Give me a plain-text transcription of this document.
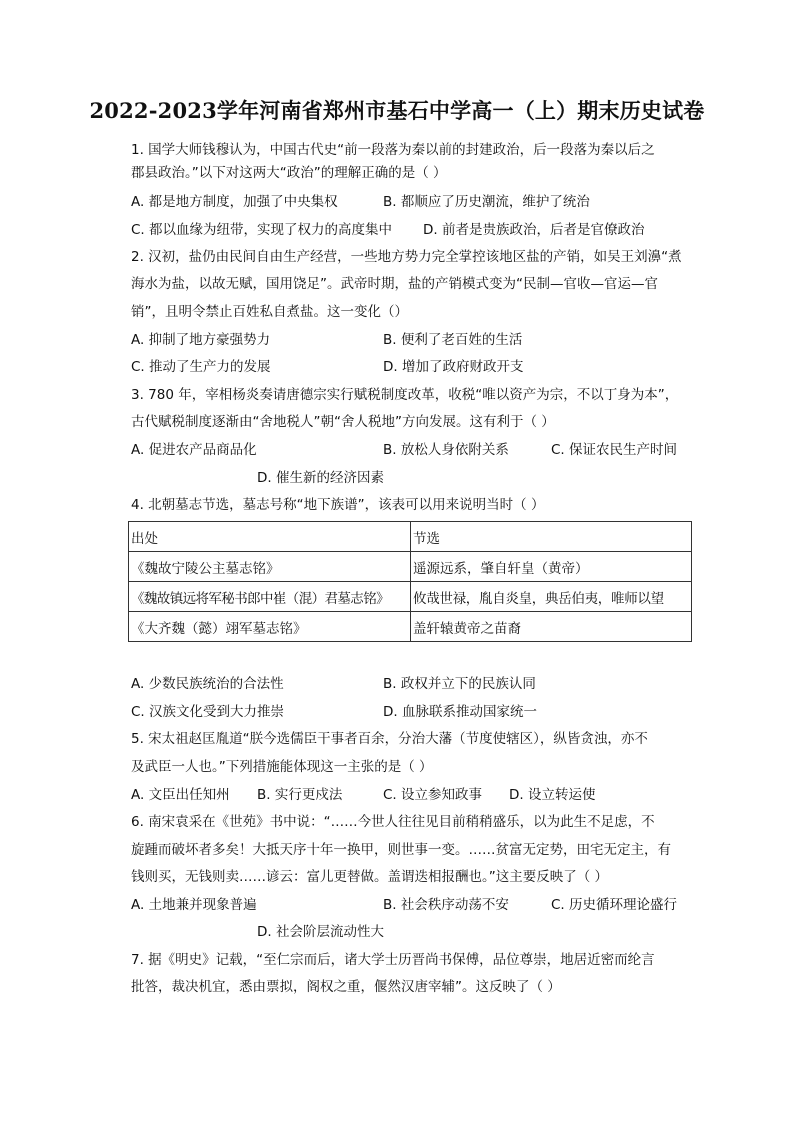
2022-2023学年河南省郑州市基石中学高一（上）期末历史试卷
1. 国学大师钱穆认为，中国古代史“前一段落为秦以前的封建政治，后一段落为秦以后之
郡县政治。”以下对这两大“政治”的理解正确的是（ ）
A. 都是地方制度，加强了中央集权	B. 都顺应了历史潮流，维护了统治
C. 都以血缘为纽带，实现了权力的高度集中 D. 前者是贵族政治，后者是官僚政治
2. 汉初，盐仍由民间自由生产经营，一些地方势力完全掌控该地区盐的产销，如吴王刘濞“煮
海水为盐，以故无赋，国用饶足”。武帝时期，盐的产销模式变为“民制—官收—官运—官
销”，且明令禁止百姓私自煮盐。这一变化（）
A. 抑制了地方豪强势力	B. 便利了老百姓的生活
C. 推动了生产力的发展	D. 增加了政府财政开支
3. 780 年，宰相杨炎奏请唐德宗实行赋税制度改革，收税“唯以资产为宗，不以丁身为本”，
古代赋税制度逐渐由“舍地税人”朝“舍人税地”方向发展。这有利于（ ）
A. 促进农产品商品化	B. 放松人身依附关系	C. 保证农民生产时间
D. 催生新的经济因素
4. 北朝墓志节选，墓志号称“地下族谱”，该表可以用来说明当时（ ）
出处	节选
《魏故宁陵公主墓志铭》	遥源远系，肇自轩皇（黄帝）
《魏故镇远将军秘书郎中崔（混）君墓志铭》	攸哉世禄，胤自炎皇，典岳伯夷，唯师以望
《大齐魏（懿）翊军墓志铭》	盖轩辕黄帝之苗裔
A. 少数民族统治的合法性	B. 政权并立下的民族认同
C. 汉族文化受到大力推崇	D. 血脉联系推动国家统一
5. 宋太祖赵匡胤道“朕今选儒臣干事者百余，分治大藩（节度使辖区），纵皆贪浊，亦不
及武臣一人也。”下列措施能体现这一主张的是（ ）
A. 文臣出任知州 B. 实行更戍法	C. 设立参知政事 D. 设立转运使
6. 南宋袁采在《世苑》书中说：“……今世人往往见目前稍稍盛乐，以为此生不足虑，不
旋踵而破坏者多矣！大抵天序十年一换甲，则世事一变。……贫富无定势，田宅无定主，有
钱则买，无钱则卖……谚云：富儿更替做。盖谓迭相报酬也。”这主要反映了（ ）
A. 土地兼并现象普遍	B. 社会秩序动荡不安	C. 历史循环理论盛行
D. 社会阶层流动性大
7. 据《明史》记载，“至仁宗而后，诸大学士历晋尚书保傅，品位尊崇，地居近密而纶言
批答，裁决机宜，悉由票拟，阁权之重，偃然汉唐宰辅”。这反映了（ ）
